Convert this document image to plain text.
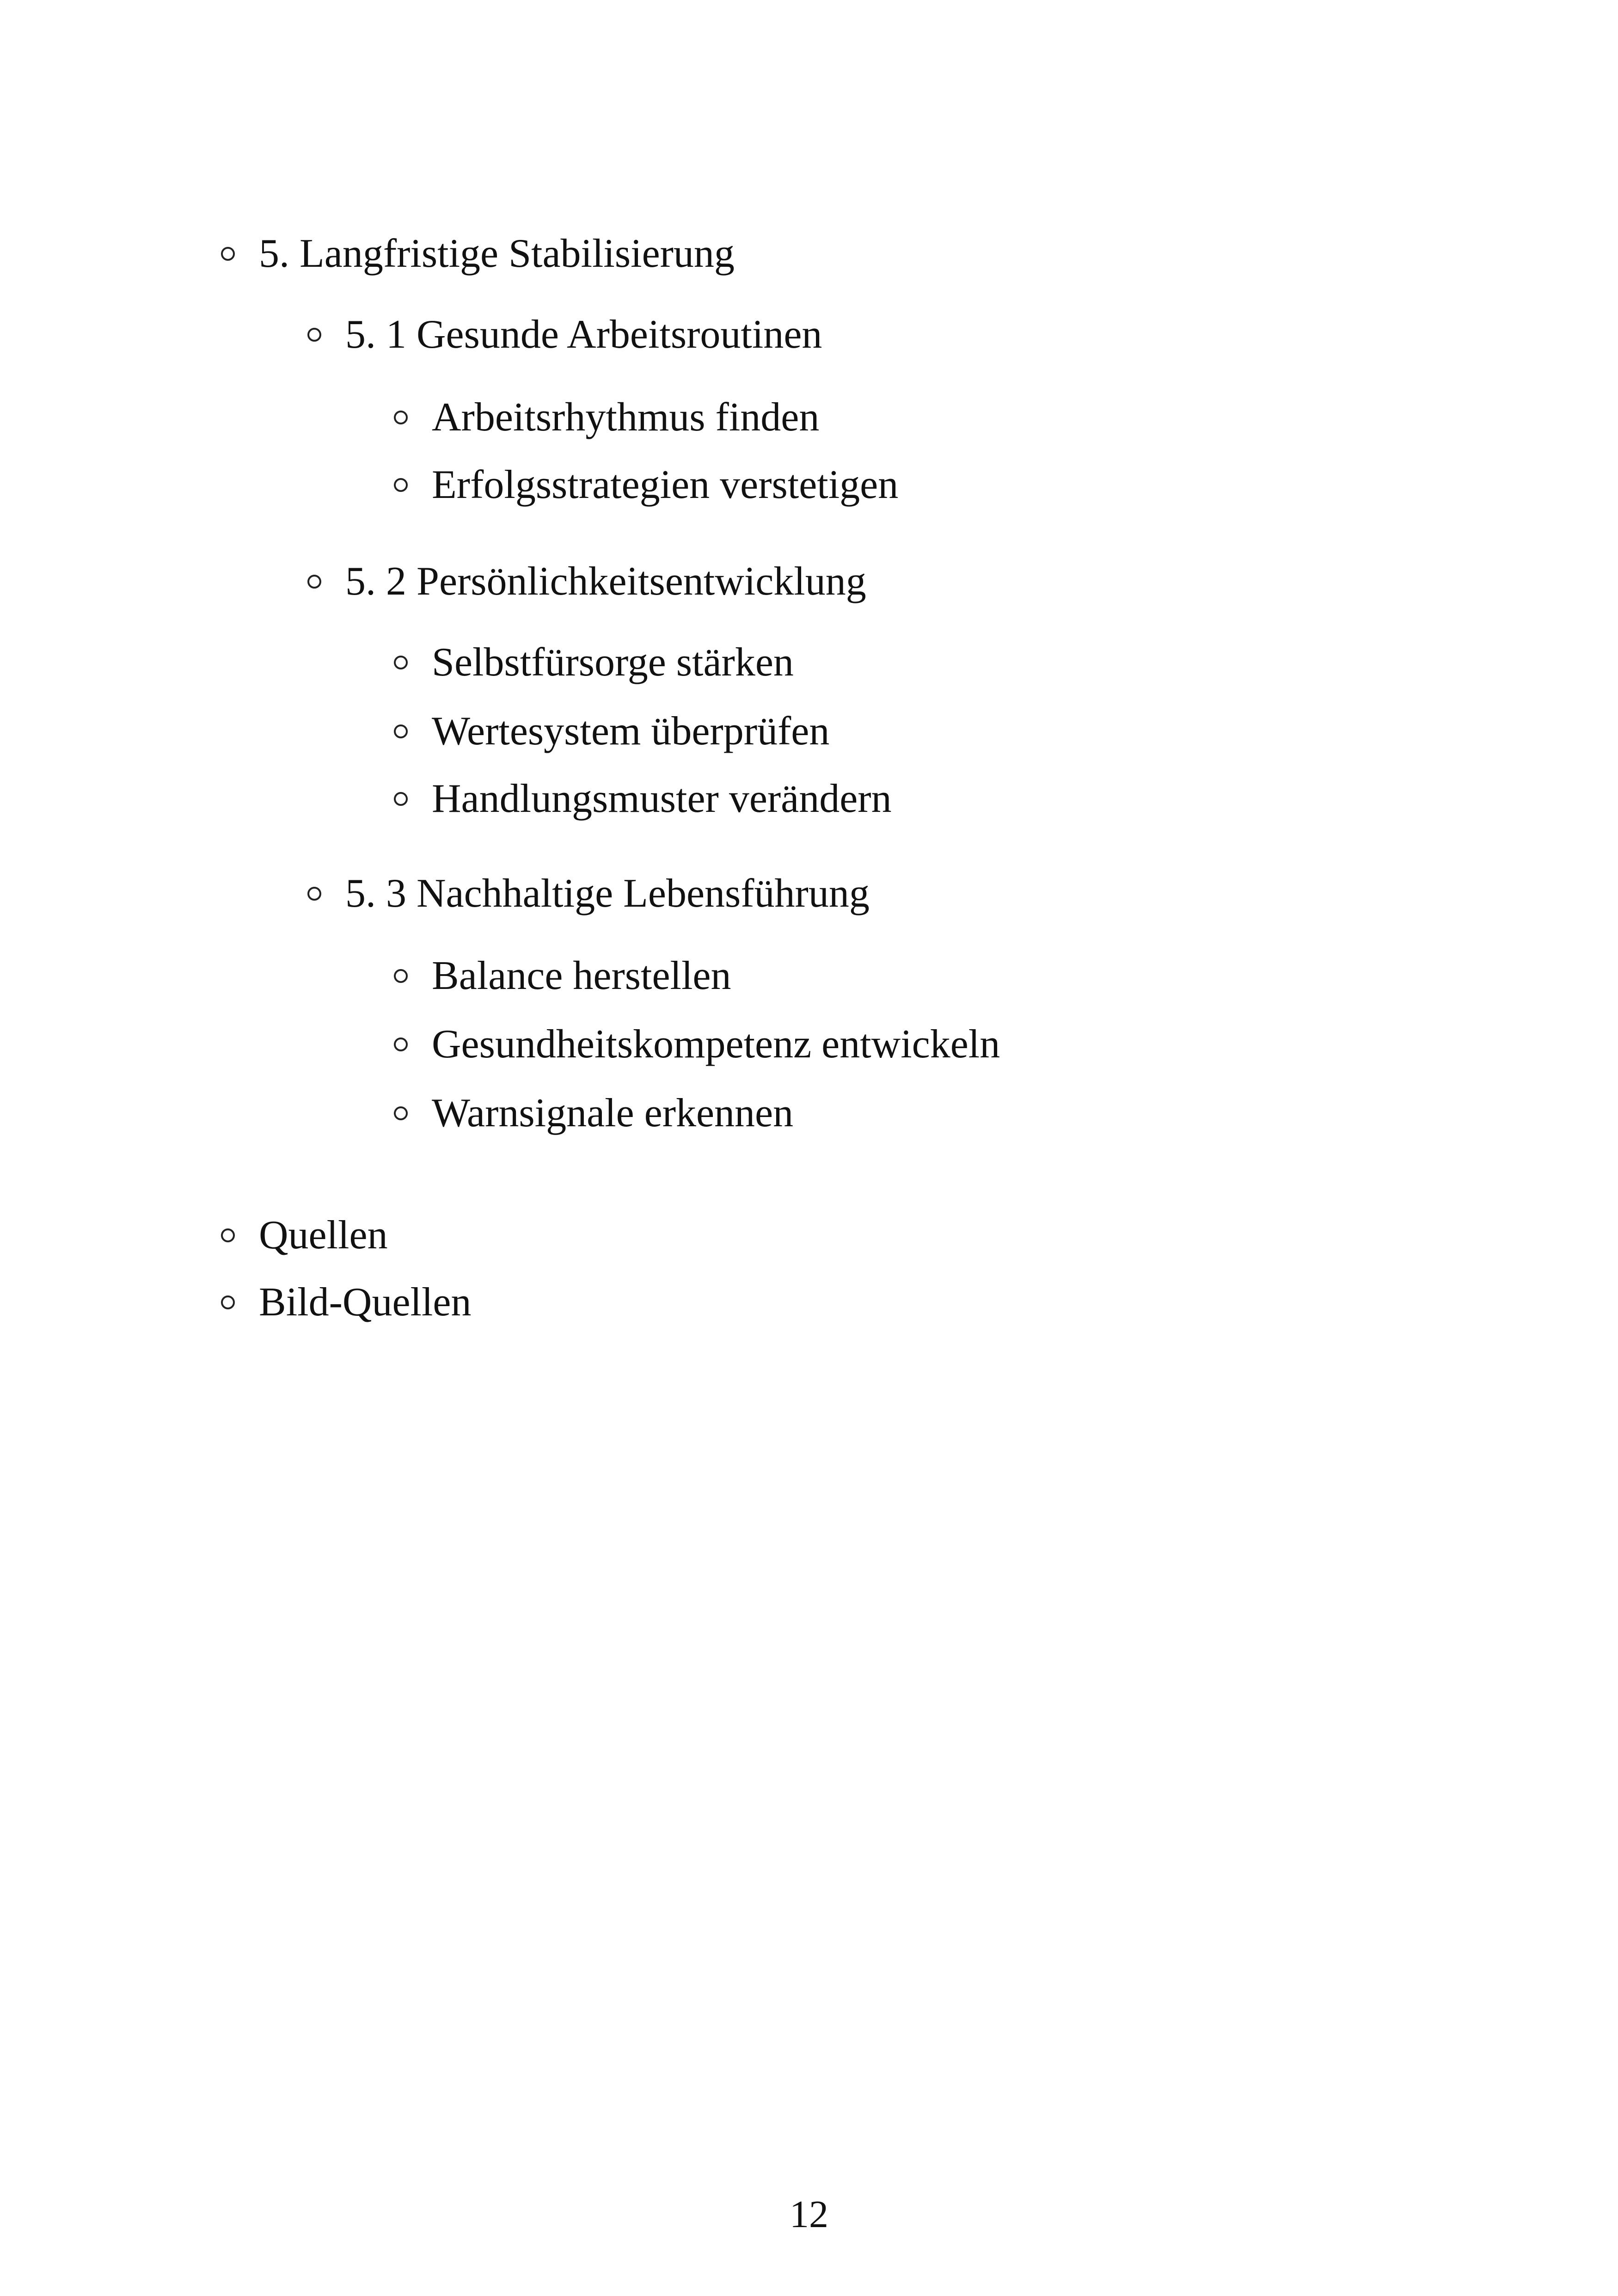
5. Langfristige Stabilisierung
5. 1 Gesunde Arbeitsroutinen
Arbeitsrhythmus finden
Erfolgsstrategien verstetigen
5. 2 Persönlichkeitsentwicklung
Selbstfürsorge stärken
Wertesystem überprüfen
Handlungsmuster verändern
5. 3 Nachhaltige Lebensführung
Balance herstellen
Gesundheitskompetenz entwickeln
Warnsignale erkennen
Quellen
Bild-Quellen
12
